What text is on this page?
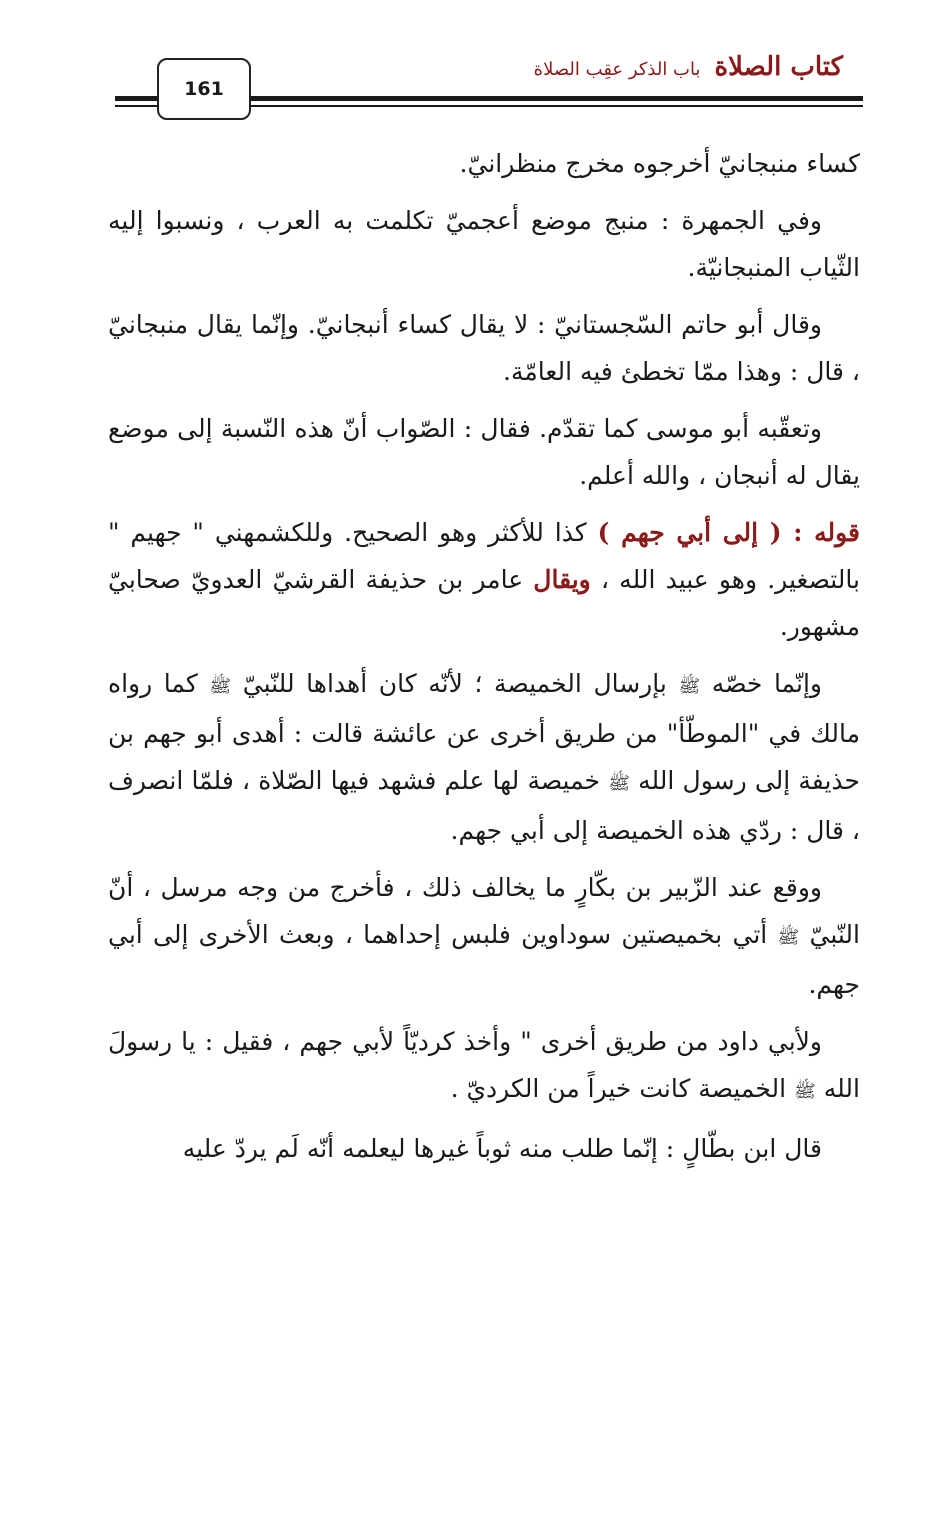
161
كتاب الصلاة
باب الذكر عقِب الصلاة

كساء منبجانيّ أخرجوه مخرج منظرانيّ.

وفي الجمهرة : منبج موضع أعجميّ تكلمت به العرب ، ونسبوا إليه الثّياب المنبجانيّة.

وقال أبو حاتم السّجستانيّ : لا يقال كساء أنبجانيّ. وإنّما يقال منبجانيّ ، قال : وهذا ممّا تخطئ فيه العامّة.

وتعقّبه أبو موسى كما تقدّم. فقال : الصّواب أنّ هذه النّسبة إلى موضع يقال له أنبجان ، والله أعلم.

قوله : ( إلى أبي جهم ) كذا للأكثر وهو الصحيح. وللكشمهني " جهيم " بالتصغير. وهو عبيد الله ، ويقال عامر بن حذيفة القرشيّ العدويّ صحابيّ مشهور.

وإنّما خصّه ﷺ بإرسال الخميصة ؛ لأنّه كان أهداها للنّبيّ ﷺ كما رواه مالك في "الموطّأ" من طريق أخرى عن عائشة قالت : أهدى أبو جهم بن حذيفة إلى رسول الله ﷺ خميصة لها علم فشهد فيها الصّلاة ، فلمّا انصرف ، قال : ردّي هذه الخميصة إلى أبي جهم.

ووقع عند الزّبير بن بكّارٍ ما يخالف ذلك ، فأخرج من وجه مرسل ، أنّ النّبيّ ﷺ أتي بخميصتين سوداوين فلبس إحداهما ، وبعث الأخرى إلى أبي جهم.

ولأبي داود من طريق أخرى " وأخذ كرديّاً لأبي جهم ، فقيل : يا رسولَ الله ﷺ الخميصة كانت خيراً من الكرديّ .

قال ابن بطّالٍ : إنّما طلب منه ثوباً غيرها ليعلمه أنّه لَم يردّ عليه
